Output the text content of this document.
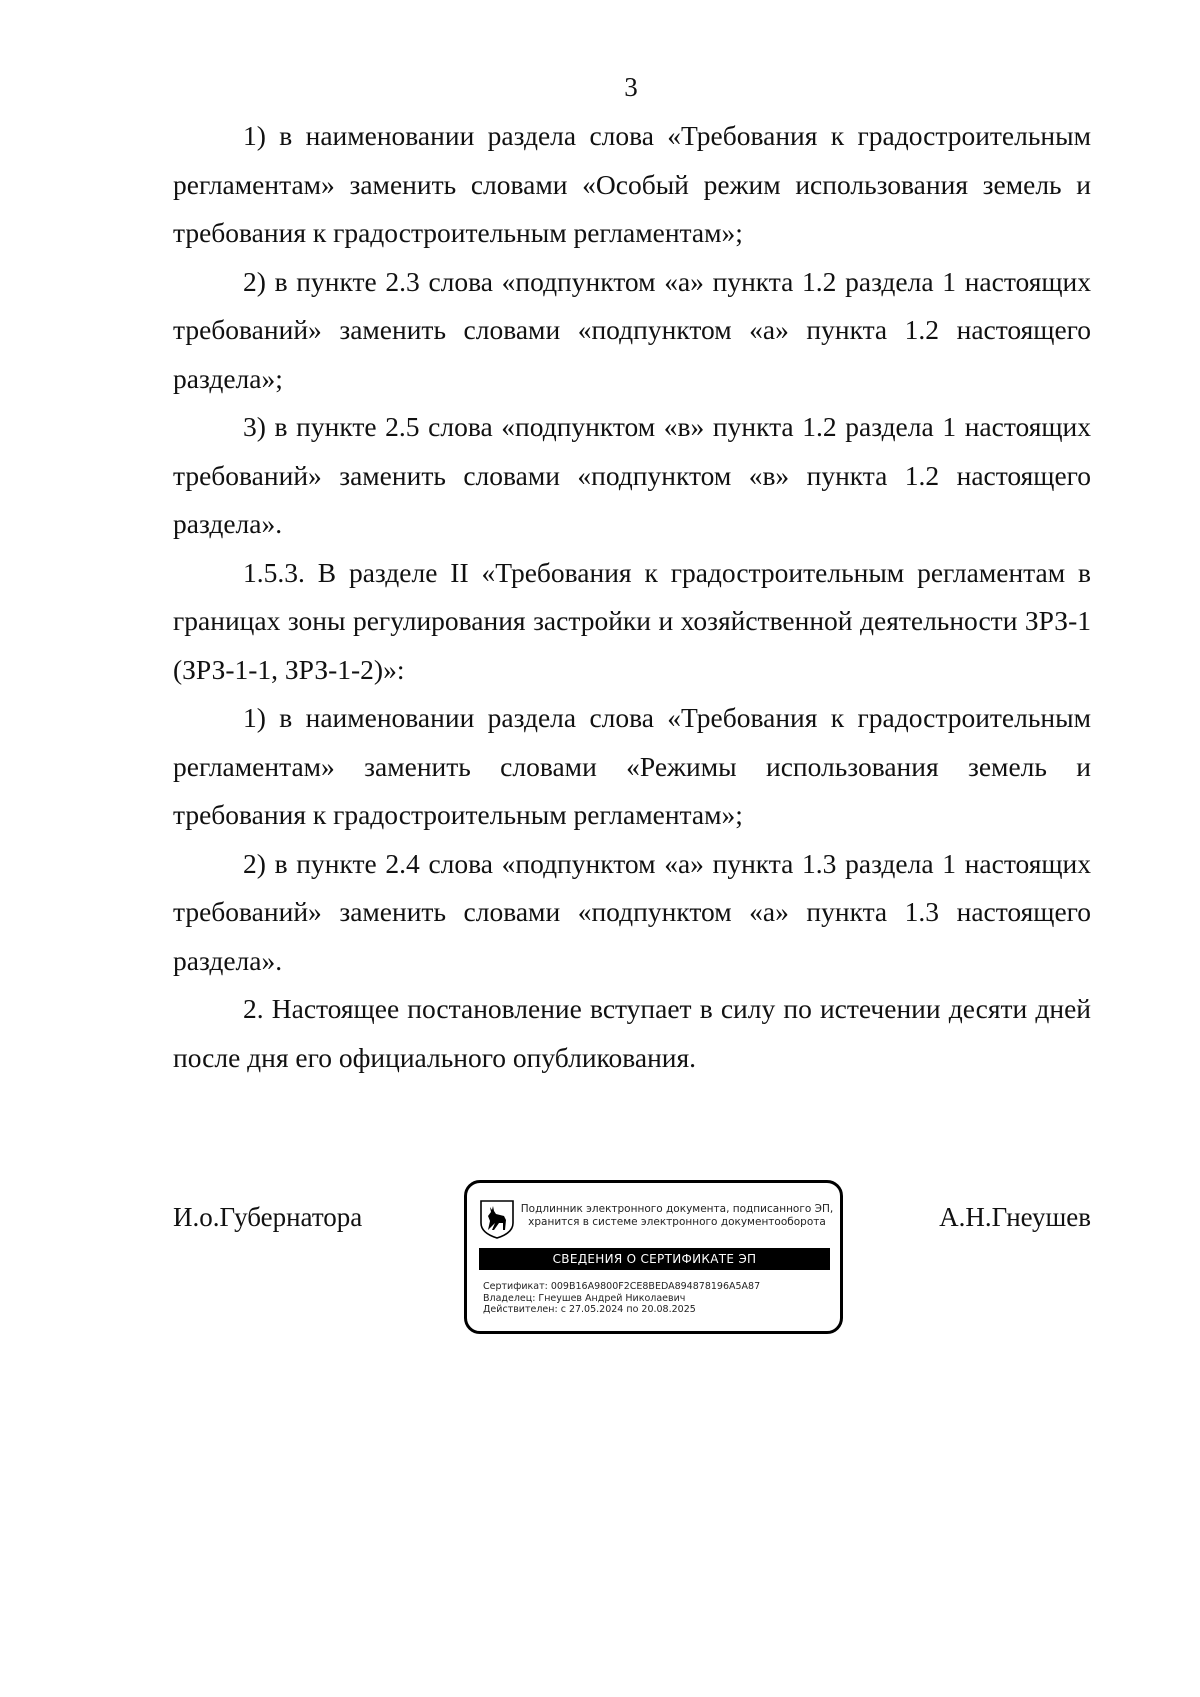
3

1) в наименовании раздела слова «Требования к градостроительным регламентам» заменить словами «Особый режим использования земель и требования к градостроительным регламентам»;

2) в пункте 2.3 слова «подпунктом «а» пункта 1.2 раздела 1 настоящих требований» заменить словами «подпунктом «а» пункта 1.2 настоящего раздела»;

3) в пункте 2.5 слова «подпунктом «в» пункта 1.2 раздела 1 настоящих требований» заменить словами «подпунктом «в» пункта 1.2 настоящего раздела».

1.5.3. В разделе II «Требования к градостроительным регламентам в границах зоны регулирования застройки и хозяйственной деятельности ЗРЗ-1 (ЗРЗ-1-1, ЗРЗ-1-2)»:

1) в наименовании раздела слова «Требования к градостроительным регламентам» заменить словами «Режимы использования земель и требования к градостроительным регламентам»;

2) в пункте 2.4 слова «подпунктом «а» пункта 1.3 раздела 1 настоящих требований» заменить словами «подпунктом «а» пункта 1.3 настоящего раздела».

2. Настоящее постановление вступает в силу по истечении десяти дней после дня его официального опубликования.

И.о.Губернатора	Подлинник электронного документа, подписанного ЭП,
хранится в системе электронного документооборота
СВЕДЕНИЯ О СЕРТИФИКАТЕ ЭП
Сертификат: 009B16A9800F2CE8BEDA894878196A5A87
Владелец: Гнеушев Андрей Николаевич
Действителен: с 27.05.2024 по 20.08.2025
А.Н.Гнеушев
